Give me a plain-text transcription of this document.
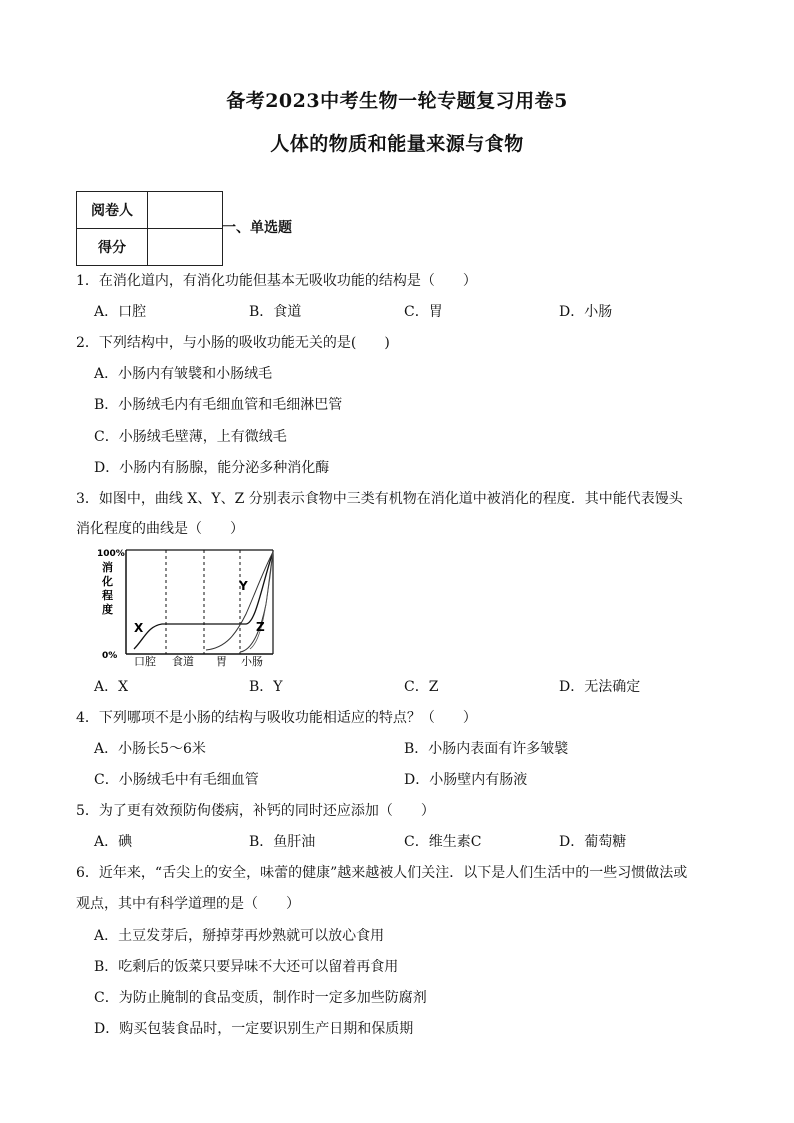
备考2023中考生物一轮专题复习用卷5
人体的物质和能量来源与食物
阅卷人	
得分	
一、单选题
1．在消化道内，有消化功能但基本无吸收功能的结构是（　　）
A．口腔	B．食道	C．胃	D．小肠
2．下列结构中，与小肠的吸收功能无关的是(　　)
A．小肠内有皱襞和小肠绒毛
B．小肠绒毛内有毛细血管和毛细淋巴管
C．小肠绒毛壁薄，上有微绒毛
D．小肠内有肠腺，能分泌多种消化酶
3．如图中，曲线 X、Y、Z 分别表示食物中三类有机物在消化道中被消化的程度．其中能代表馒头
消化程度的曲线是（　　）
100%
0%
消化程度
X
Y
Z
口腔 食道 胃 小肠
A．X	B．Y	C．Z	D．无法确定
4．下列哪项不是小肠的结构与吸收功能相适应的特点？（　　）
A．小肠长5～6米	B．小肠内表面有许多皱襞
C．小肠绒毛中有毛细血管	D．小肠壁内有肠液
5．为了更有效预防佝偻病，补钙的同时还应添加（　　）
A．碘	B．鱼肝油	C．维生素C	D．葡萄糖
6．近年来，“舌尖上的安全，味蕾的健康”越来越被人们关注．以下是人们生活中的一些习惯做法或
观点，其中有科学道理的是（　　）
A．土豆发芽后，掰掉芽再炒熟就可以放心食用
B．吃剩后的饭菜只要异味不大还可以留着再食用
C．为防止腌制的食品变质，制作时一定多加些防腐剂
D．购买包装食品时，一定要识别生产日期和保质期
